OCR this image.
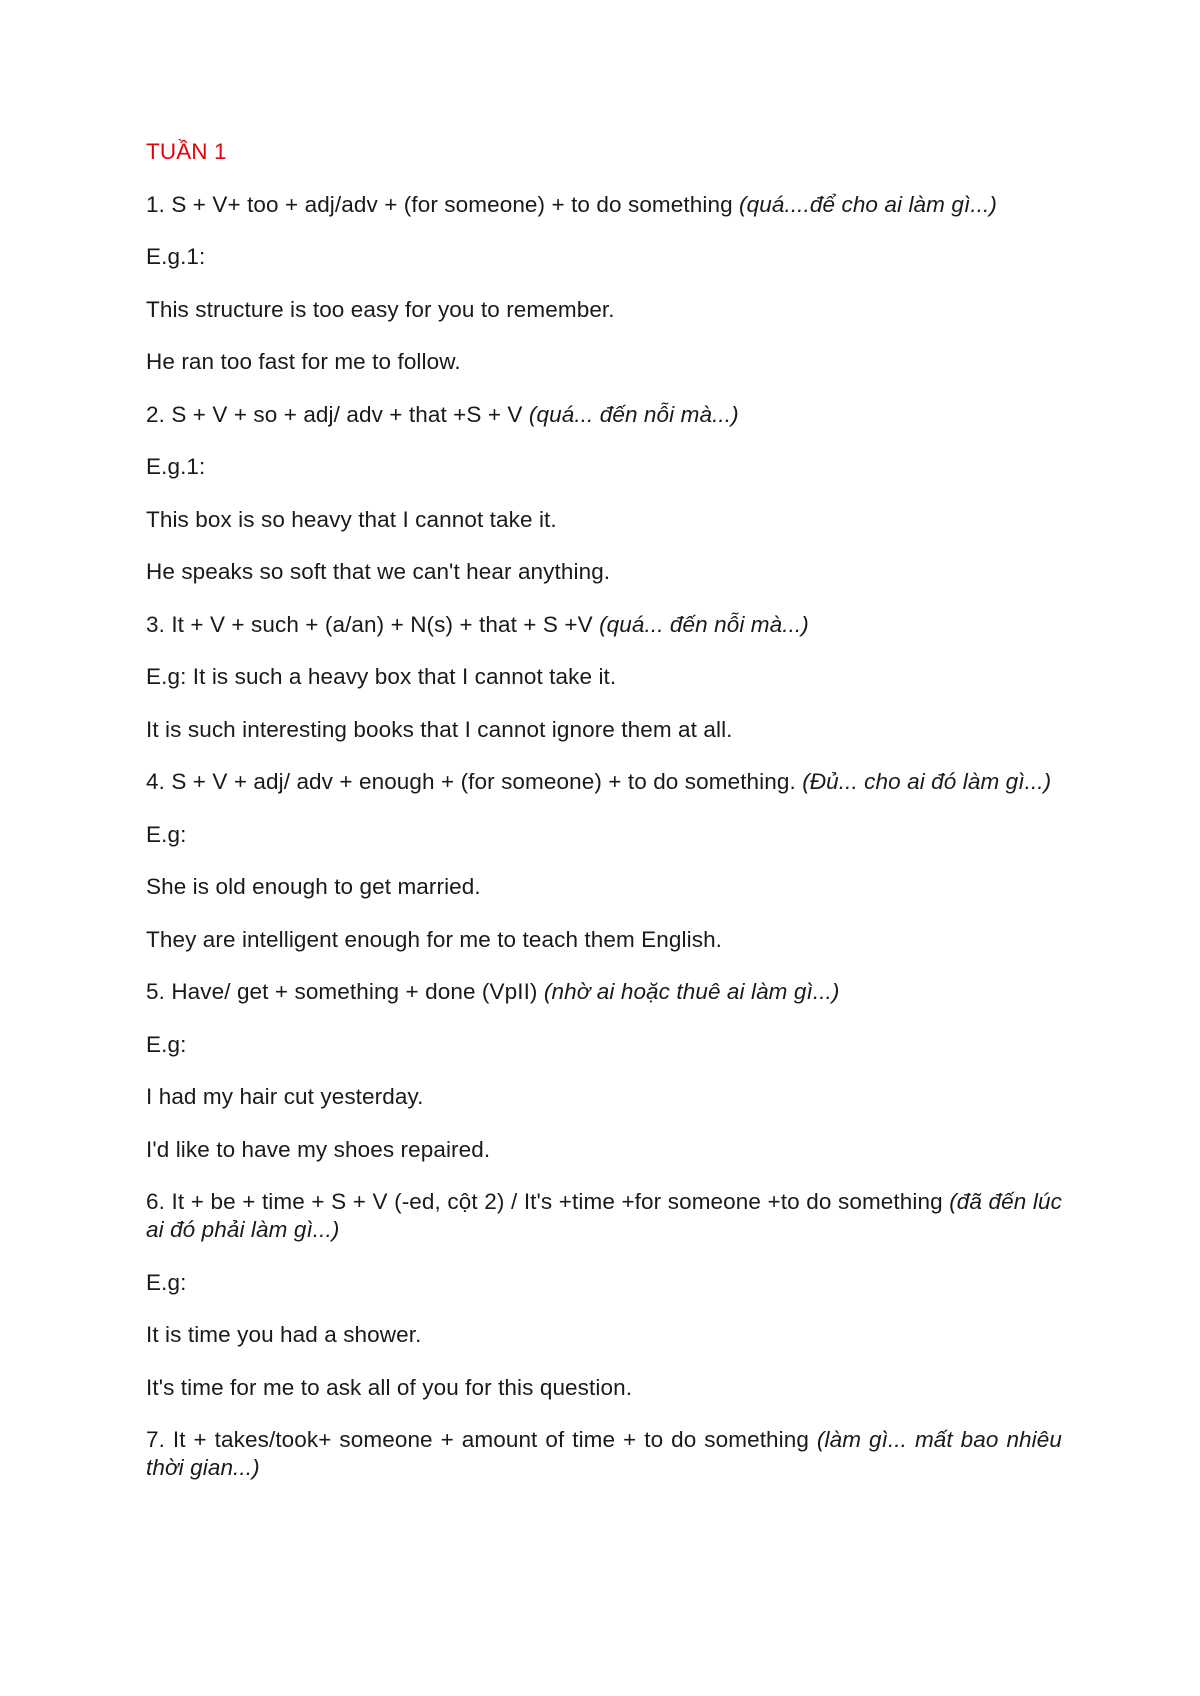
TUẦN 1

1. S + V+ too + adj/adv + (for someone) + to do something (quá....để cho ai làm gì...)

E.g.1:

This structure is too easy for you to remember.

He ran too fast for me to follow.

2. S + V + so + adj/ adv + that +S + V (quá... đến nỗi mà...)

E.g.1:

This box is so heavy that I cannot take it.

He speaks so soft that we can't hear anything.

3. It + V + such + (a/an) + N(s) + that + S +V (quá... đến nỗi mà...)

E.g: It is such a heavy box that I cannot take it.

It is such interesting books that I cannot ignore them at all.

4. S + V + adj/ adv + enough + (for someone) + to do something. (Đủ... cho ai đó làm gì...)

E.g:

She is old enough to get married.

They are intelligent enough for me to teach them English.

5. Have/ get + something + done (VpII) (nhờ ai hoặc thuê ai làm gì...)

E.g:

I had my hair cut yesterday.

I'd like to have my shoes repaired.

6. It + be + time + S + V (-ed, cột 2) / It's +time +for someone +to do something (đã đến lúc ai đó phải làm gì...)

E.g:

It is time you had a shower.

It's time for me to ask all of you for this question.

7. It + takes/took+ someone + amount of time + to do something (làm gì... mất bao nhiêu thời gian...)
